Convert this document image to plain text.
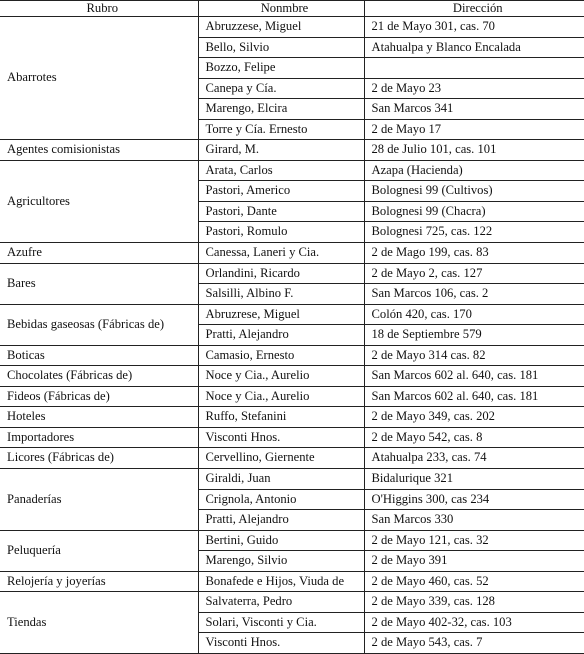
Rubro	Nonmbre	Dirección
Abarrotes	Abruzzese, Miguel	21 de Mayo 301, cas. 70
	Bello, Silvio	Atahualpa y Blanco Encalada
	Bozzo, Felipe	
	Canepa y Cía.	2 de Mayo 23
	Marengo, Elcira	San Marcos 341
	Torre y Cía. Ernesto	2 de Mayo 17
Agentes comisionistas	Girard, M.	28 de Julio 101, cas. 101
Agricultores	Arata, Carlos	Azapa (Hacienda)
	Pastori, Americo	Bolognesi 99 (Cultivos)
	Pastori, Dante	Bolognesi 99 (Chacra)
	Pastori, Romulo	Bolognesi 725, cas. 122
Azufre	Canessa, Laneri y Cia.	2 de Mago 199, cas. 83
Bares	Orlandini, Ricardo	2 de Mayo 2, cas. 127
	Salsilli, Albino F.	San Marcos 106, cas. 2
Bebidas gaseosas (Fábricas de)	Abruzrese, Miguel	Colón 420, cas. 170
	Pratti, Alejandro	18 de Septiembre 579
Boticas	Camasio, Ernesto	2 de Mayo 314 cas. 82
Chocolates (Fábricas de)	Noce y Cia., Aurelio	San Marcos 602 al. 640, cas. 181
Fideos (Fábricas de)	Noce y Cia., Aurelio	San Marcos 602 al. 640, cas. 181
Hoteles	Ruffo, Stefanini	2 de Mayo 349, cas. 202
Importadores	Visconti Hnos.	2 de Mayo 542, cas. 8
Licores (Fábricas de)	Cervellino, Giernente	Atahualpa 233, cas. 74
Panaderías	Giraldi, Juan	Bidalurique 321
	Crignola, Antonio	O'Higgins 300, cas 234
	Pratti, Alejandro	San Marcos 330
Peluquería	Bertini, Guido	2 de Mayo 121, cas. 32
	Marengo, Silvio	2 de Mayo 391
Relojería y joyerías	Bonafede e Hijos, Viuda de	2 de Mayo 460, cas. 52
Tiendas	Salvaterra, Pedro	2 de Mayo 339, cas. 128
	Solari, Visconti y Cia.	2 de Mayo 402-32, cas. 103
	Visconti Hnos.	2 de Mayo 543, cas. 7
